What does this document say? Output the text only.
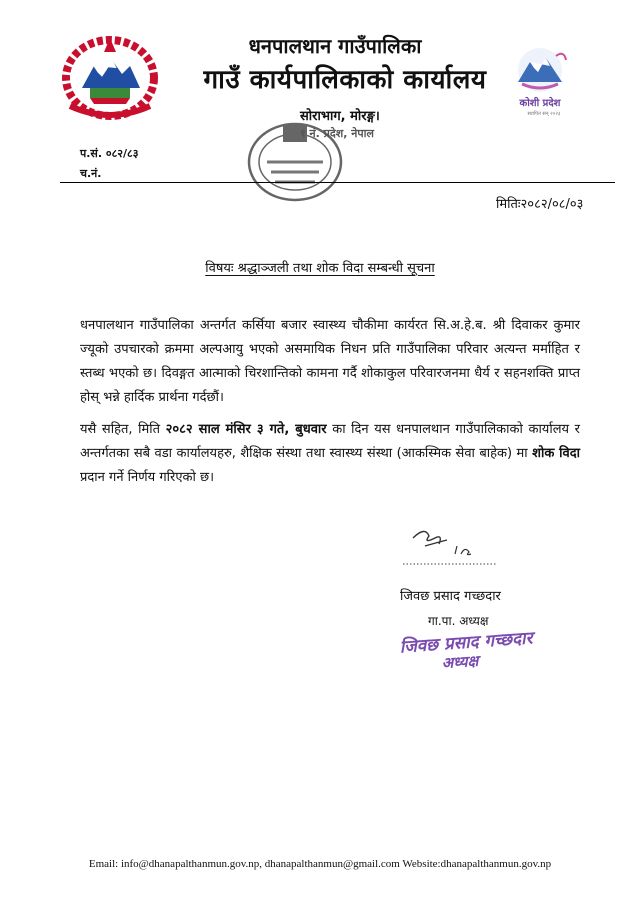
धनपालथान गाउँपालिका
गाउँ कार्यपालिकाको कार्यालय
कोशी प्रदेश
स्थापित सन् २०२३
सोराभाग, मोरङ्ग।
१ नं. प्रदेश, नेपाल
प.सं. ०८२/८३
च.नं.
मितिः२०८२/०८/०३
विषयः श्रद्धाञ्जली तथा शोक विदा सम्बन्धी सूचना
धनपालथान गाउँपालिका अन्तर्गत कर्सिया बजार स्वास्थ्य चौकीमा कार्यरत सि.अ.हे.ब. श्री दिवाकर कुमार ज्यूको उपचारको क्रममा अल्पआयु भएको असमायिक निधन प्रति गाउँपालिका परिवार अत्यन्त मर्माहित र स्तब्ध भएको छ। दिवङ्गत आत्माको चिरशान्तिको कामना गर्दै शोकाकुल परिवारजनमा धैर्य र सहनशक्ति प्राप्त होस् भन्ने हार्दिक प्रार्थना गर्दछौं।
यसै सहित, मिति २०८२ साल मंसिर ३ गते, बुधवार का दिन यस धनपालथान गाउँपालिकाको कार्यालय र अन्तर्गतका सबै वडा कार्यालयहरु, शैक्षिक संस्था तथा स्वास्थ्य संस्था (आकस्मिक सेवा बाहेक) मा शोक विदा प्रदान गर्ने निर्णय गरिएको छ।
जिवछ प्रसाद गच्छदार
गा.पा. अध्यक्ष
जिवछ प्रसाद गच्छदार
अध्यक्ष
Email: info@dhanapalthanmun.gov.np, dhanapalthanmun@gmail.com Website:dhanapalthanmun.gov.np
